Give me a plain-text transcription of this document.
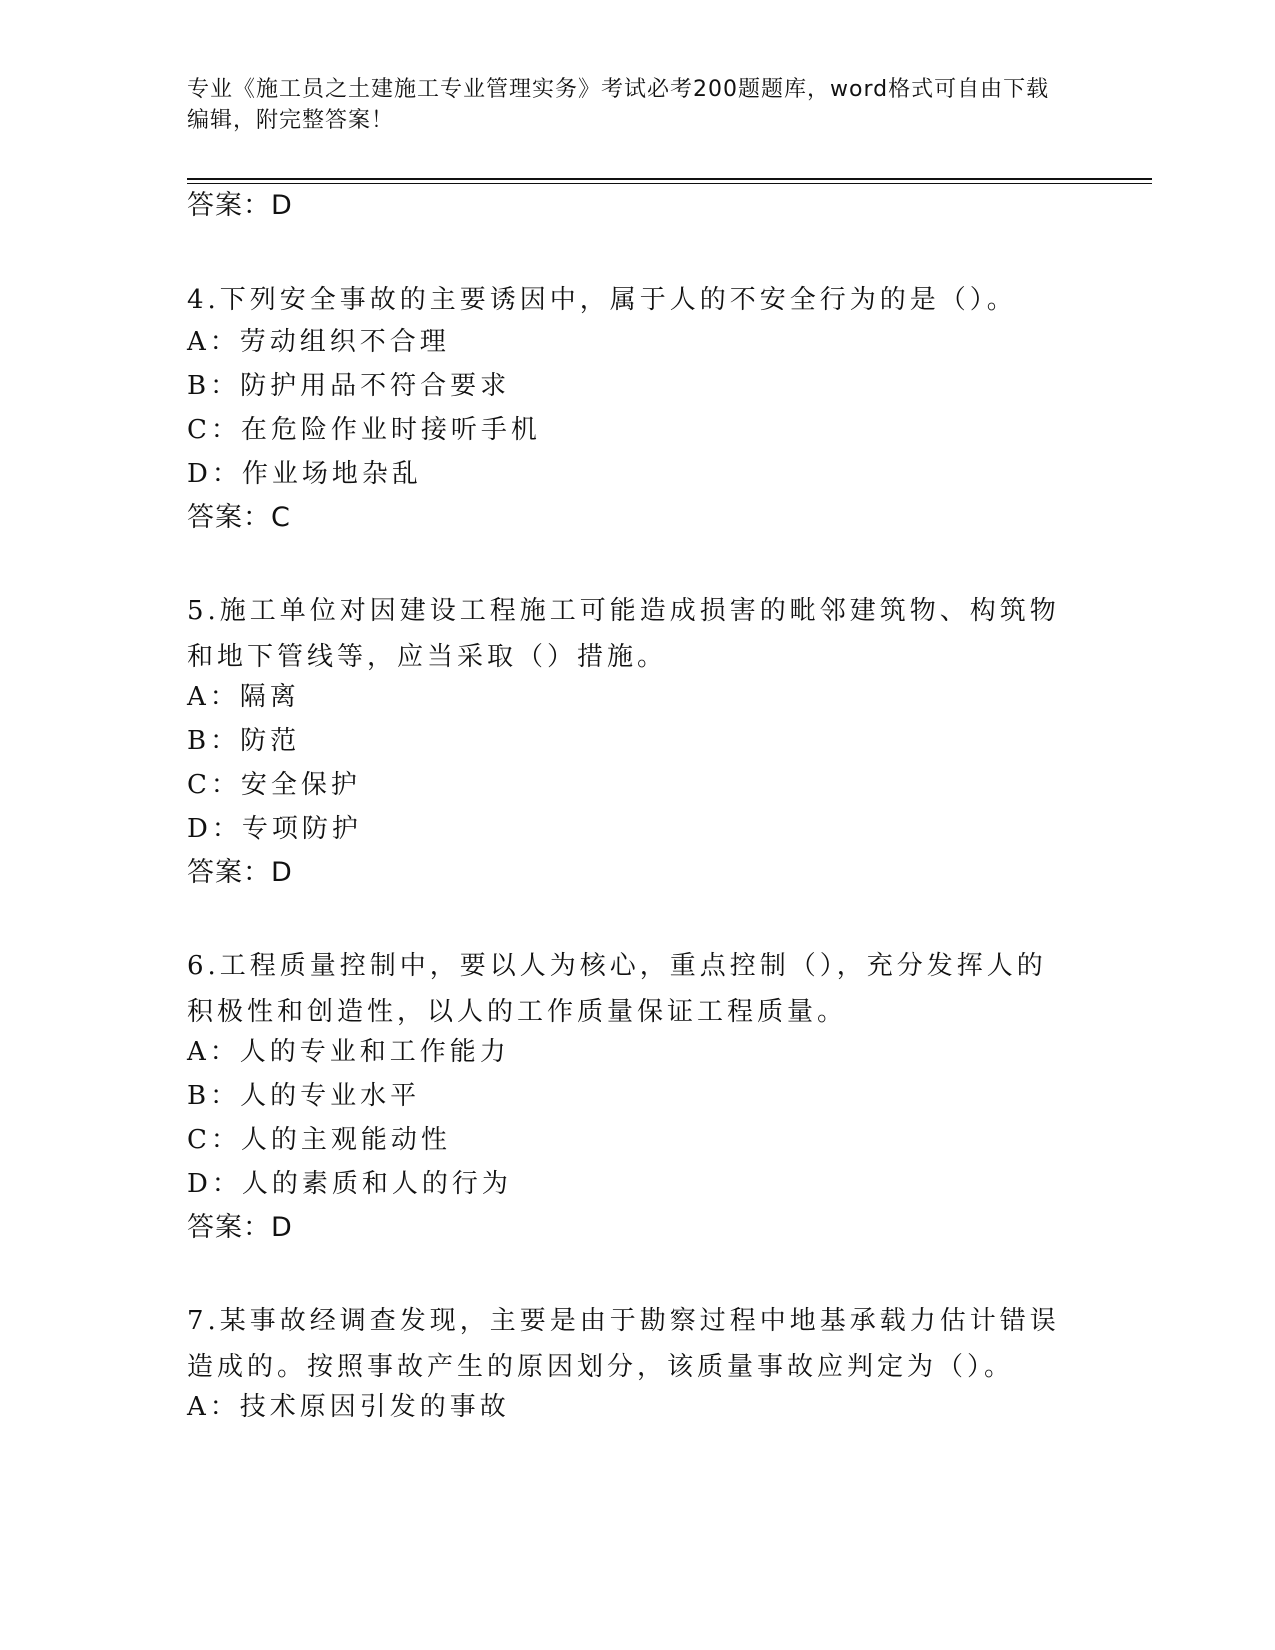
专业《施工员之土建施工专业管理实务》考试必考200题题库，word格式可自由下载编辑，附完整答案！
答案：D
4.下列安全事故的主要诱因中，属于人的不安全行为的是（）。
A：劳动组织不合理
B：防护用品不符合要求
C：在危险作业时接听手机
D：作业场地杂乱
答案：C
5.施工单位对因建设工程施工可能造成损害的毗邻建筑物、构筑物和地下管线等，应当采取（）措施。
A：隔离
B：防范
C：安全保护
D：专项防护
答案：D
6.工程质量控制中，要以人为核心，重点控制（），充分发挥人的积极性和创造性，以人的工作质量保证工程质量。
A：人的专业和工作能力
B：人的专业水平
C：人的主观能动性
D：人的素质和人的行为
答案：D
7.某事故经调查发现，主要是由于勘察过程中地基承载力估计错误造成的。按照事故产生的原因划分，该质量事故应判定为（）。
A：技术原因引发的事故
